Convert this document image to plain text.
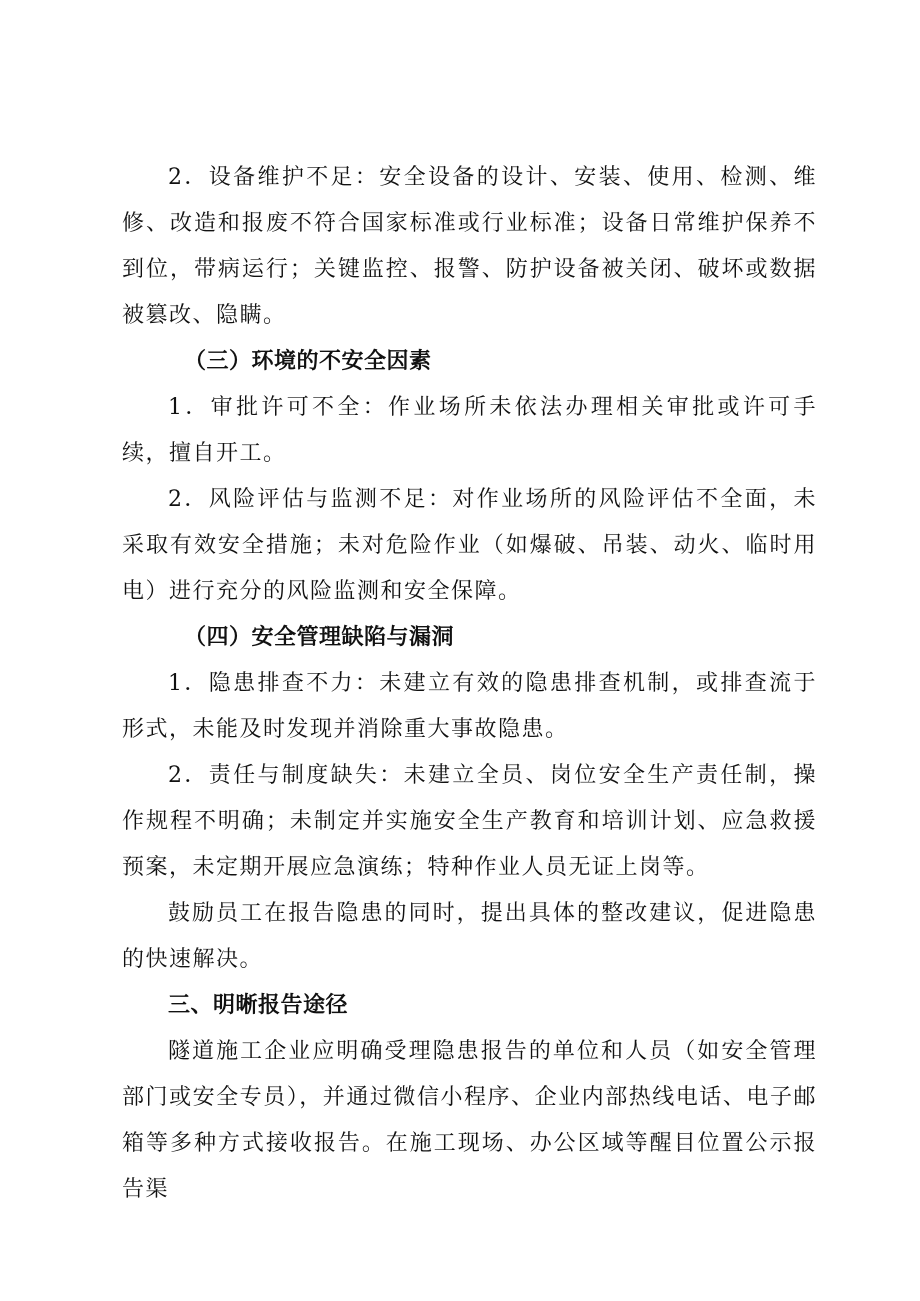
2．设备维护不足：安全设备的设计、安装、使用、检测、维修、改造和报废不符合国家标准或行业标准；设备日常维护保养不到位，带病运行；关键监控、报警、防护设备被关闭、破坏或数据被篡改、隐瞒。

（三）环境的不安全因素

1．审批许可不全：作业场所未依法办理相关审批或许可手续，擅自开工。

2．风险评估与监测不足：对作业场所的风险评估不全面，未采取有效安全措施；未对危险作业（如爆破、吊装、动火、临时用电）进行充分的风险监测和安全保障。

（四）安全管理缺陷与漏洞

1．隐患排查不力：未建立有效的隐患排查机制，或排查流于形式，未能及时发现并消除重大事故隐患。

2．责任与制度缺失：未建立全员、岗位安全生产责任制，操作规程不明确；未制定并实施安全生产教育和培训计划、应急救援预案，未定期开展应急演练；特种作业人员无证上岗等。

鼓励员工在报告隐患的同时，提出具体的整改建议，促进隐患的快速解决。

三、明晰报告途径

隧道施工企业应明确受理隐患报告的单位和人员（如安全管理部门或安全专员），并通过微信小程序、企业内部热线电话、电子邮箱等多种方式接收报告。在施工现场、办公区域等醒目位置公示报告渠
